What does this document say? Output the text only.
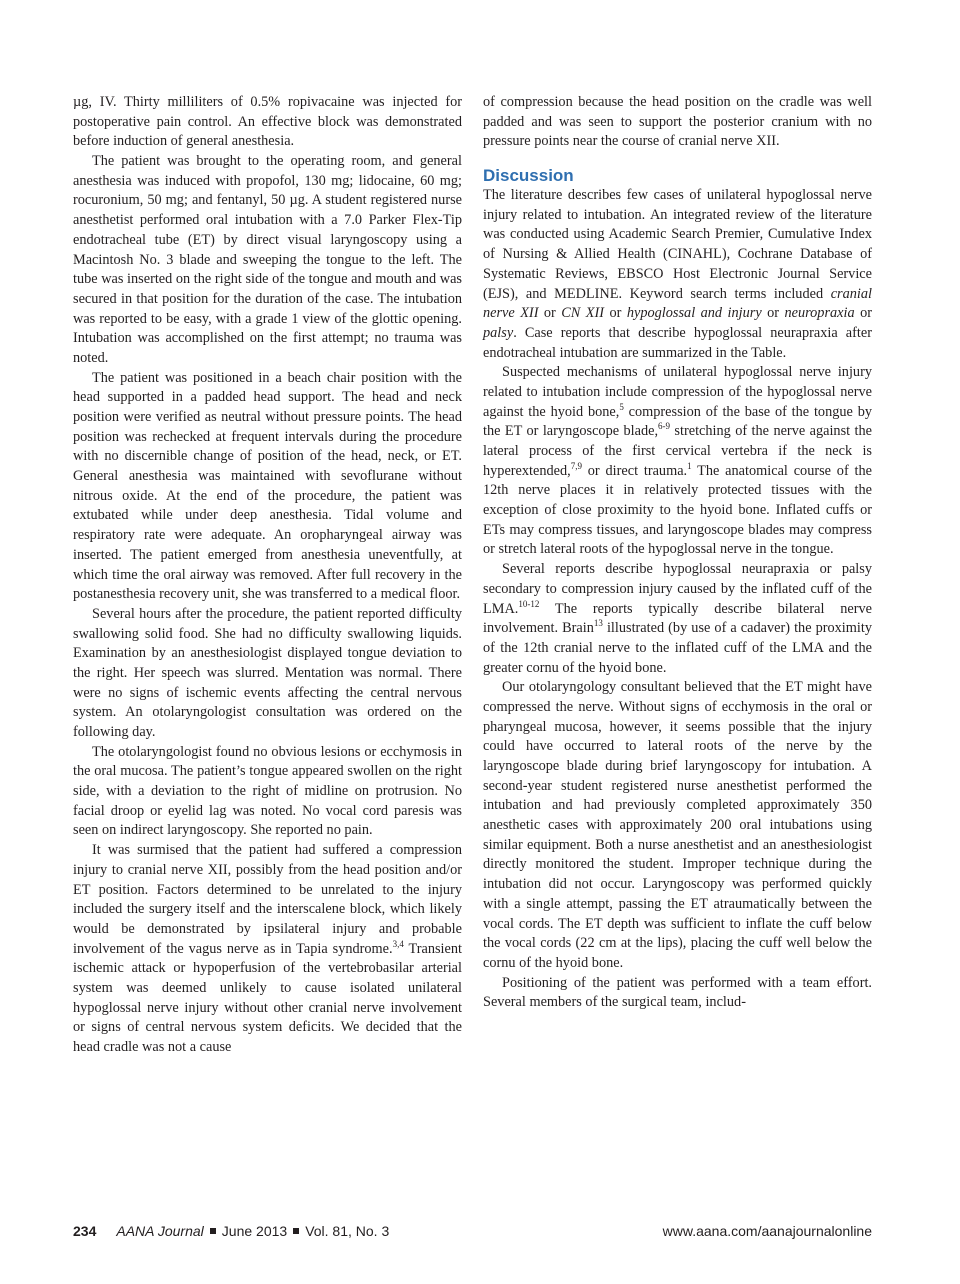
µg, IV. Thirty milliliters of 0.5% ropivacaine was injected for postoperative pain control. An effective block was demonstrated before induction of general anesthesia.

The patient was brought to the operating room, and general anesthesia was induced with propofol, 130 mg; lidocaine, 60 mg; rocuronium, 50 mg; and fentanyl, 50 µg. A student registered nurse anesthetist performed oral intubation with a 7.0 Parker Flex-Tip endotracheal tube (ET) by direct visual laryngoscopy using a Macintosh No. 3 blade and sweeping the tongue to the left. The tube was inserted on the right side of the tongue and mouth and was secured in that position for the duration of the case. The intubation was reported to be easy, with a grade 1 view of the glottic opening. Intubation was accomplished on the first attempt; no trauma was noted.

The patient was positioned in a beach chair position with the head supported in a padded head support. The head and neck position were verified as neutral without pressure points. The head position was rechecked at frequent intervals during the procedure with no discernible change of position of the head, neck, or ET. General anesthesia was maintained with sevoflurane without nitrous oxide. At the end of the procedure, the patient was extubated while under deep anesthesia. Tidal volume and respiratory rate were adequate. An oropharyngeal airway was inserted. The patient emerged from anesthesia uneventfully, at which time the oral airway was removed. After full recovery in the postanesthesia recovery unit, she was transferred to a medical floor.

Several hours after the procedure, the patient reported difficulty swallowing solid food. She had no difficulty swallowing liquids. Examination by an anesthesiologist displayed tongue deviation to the right. Her speech was slurred. Mentation was normal. There were no signs of ischemic events affecting the central nervous system. An otolaryngologist consultation was ordered on the following day.

The otolaryngologist found no obvious lesions or ecchymosis in the oral mucosa. The patient’s tongue appeared swollen on the right side, with a deviation to the right of midline on protrusion. No facial droop or eyelid lag was noted. No vocal cord paresis was seen on indirect laryngoscopy. She reported no pain.

It was surmised that the patient had suffered a compression injury to cranial nerve XII, possibly from the head position and/or ET position. Factors determined to be unrelated to the injury included the surgery itself and the interscalene block, which likely would be demonstrated by ipsilateral injury and probable involvement of the vagus nerve as in Tapia syndrome.$^{3,4}$ Transient ischemic attack or hypoperfusion of the vertebrobasilar arterial system was deemed unlikely to cause isolated unilateral hypoglossal nerve injury without other cranial nerve involvement or signs of central nervous system deficits. We decided that the head cradle was not a cause

of compression because the head position on the cradle was well padded and was seen to support the posterior cranium with no pressure points near the course of cranial nerve XII.

Discussion

The literature describes few cases of unilateral hypoglossal nerve injury related to intubation. An integrated review of the literature was conducted using Academic Search Premier, Cumulative Index of Nursing & Allied Health (CINAHL), Cochrane Database of Systematic Reviews, EBSCO Host Electronic Journal Service (EJS), and MEDLINE. Keyword search terms included cranial nerve XII or CN XII or hypoglossal and injury or neuropraxia or palsy. Case reports that describe hypoglossal neurapraxia after endotracheal intubation are summarized in the Table.

Suspected mechanisms of unilateral hypoglossal nerve injury related to intubation include compression of the hypoglossal nerve against the hyoid bone,$^5$ compression of the base of the tongue by the ET or laryngoscope blade,$^{6-9}$ stretching of the nerve against the lateral process of the first cervical vertebra if the neck is hyperextended,$^{7,9}$ or direct trauma.$^1$ The anatomical course of the 12th nerve places it in relatively protected tissues with the exception of close proximity to the hyoid bone. Inflated cuffs or ETs may compress tissues, and laryngoscope blades may compress or stretch lateral roots of the hypoglossal nerve in the tongue.

Several reports describe hypoglossal neurapraxia or palsy secondary to compression injury caused by the inflated cuff of the LMA.$^{10-12}$ The reports typically describe bilateral nerve involvement. Brain$^{13}$ illustrated (by use of a cadaver) the proximity of the 12th cranial nerve to the inflated cuff of the LMA and the greater cornu of the hyoid bone.

Our otolaryngology consultant believed that the ET might have compressed the nerve. Without signs of ecchymosis in the oral or pharyngeal mucosa, however, it seems possible that the injury could have occurred to lateral roots of the nerve by the laryngoscope blade during brief laryngoscopy for intubation. A second-year student registered nurse anesthetist performed the intubation and had previously completed approximately 350 anesthetic cases with approximately 200 oral intubations using similar equipment. Both a nurse anesthetist and an anesthesiologist directly monitored the student. Improper technique during the intubation did not occur. Laryngoscopy was performed quickly with a single attempt, passing the ET atraumatically between the vocal cords. The ET depth was sufficient to inflate the cuff below the vocal cords (22 cm at the lips), placing the cuff well below the cornu of the hyoid bone.

Positioning of the patient was performed with a team effort. Several members of the surgical team, includ-

234 AANA Journal June 2013 Vol. 81, No. 3	www.aana.com/aanajournalonline
